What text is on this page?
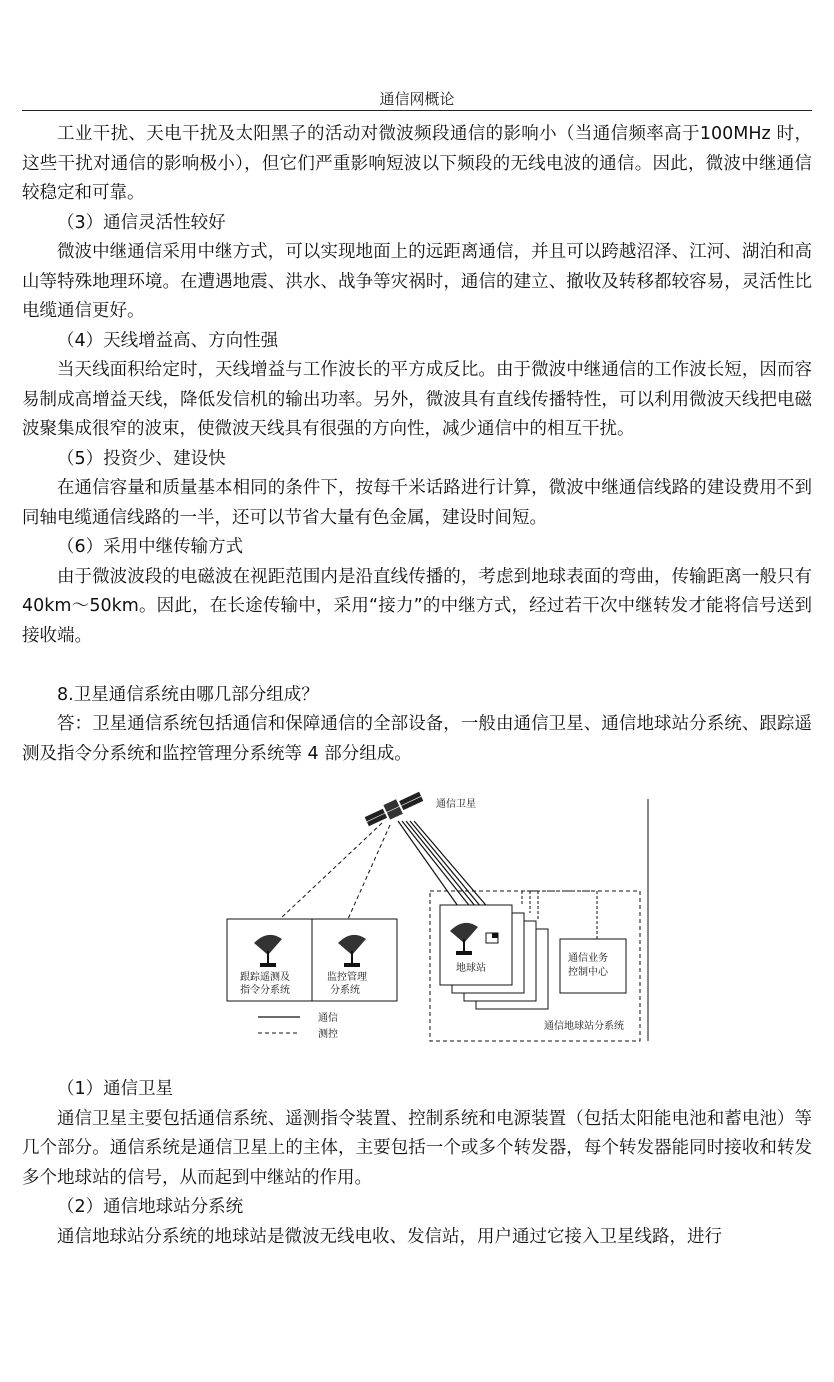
通信网概论

工业干扰、天电干扰及太阳黑子的活动对微波频段通信的影响小（当通信频率高于100MHz 时，这些干扰对通信的影响极小），但它们严重影响短波以下频段的无线电波的通信。因此，微波中继通信较稳定和可靠。

（3）通信灵活性较好

微波中继通信采用中继方式，可以实现地面上的远距离通信，并且可以跨越沼泽、江河、湖泊和高山等特殊地理环境。在遭遇地震、洪水、战争等灾祸时，通信的建立、撤收及转移都较容易，灵活性比电缆通信更好。

（4）天线增益高、方向性强

当天线面积给定时，天线增益与工作波长的平方成反比。由于微波中继通信的工作波长短，因而容易制成高增益天线，降低发信机的输出功率。另外，微波具有直线传播特性，可以利用微波天线把电磁波聚集成很窄的波束，使微波天线具有很强的方向性，减少通信中的相互干扰。

（5）投资少、建设快

在通信容量和质量基本相同的条件下，按每千米话路进行计算，微波中继通信线路的建设费用不到同轴电缆通信线路的一半，还可以节省大量有色金属，建设时间短。

（6）采用中继传输方式

由于微波波段的电磁波在视距范围内是沿直线传播的，考虑到地球表面的弯曲，传输距离一般只有 40km～50km。因此，在长途传输中，采用“接力”的中继方式，经过若干次中继转发才能将信号送到接收端。

8.卫星通信系统由哪几部分组成？

答：卫星通信系统包括通信和保障通信的全部设备，一般由通信卫星、通信地球站分系统、跟踪遥测及指令分系统和监控管理分系统等 4 部分组成。

通信卫星
跟踪遥测及
指令分系统
监控管理
分系统
地球站
通信业务
控制中心
通信地球站分系统
通信
测控

（1）通信卫星

通信卫星主要包括通信系统、遥测指令装置、控制系统和电源装置（包括太阳能电池和蓄电池）等几个部分。通信系统是通信卫星上的主体，主要包括一个或多个转发器，每个转发器能同时接收和转发多个地球站的信号，从而起到中继站的作用。

（2）通信地球站分系统

通信地球站分系统的地球站是微波无线电收、发信站，用户通过它接入卫星线路，进行
